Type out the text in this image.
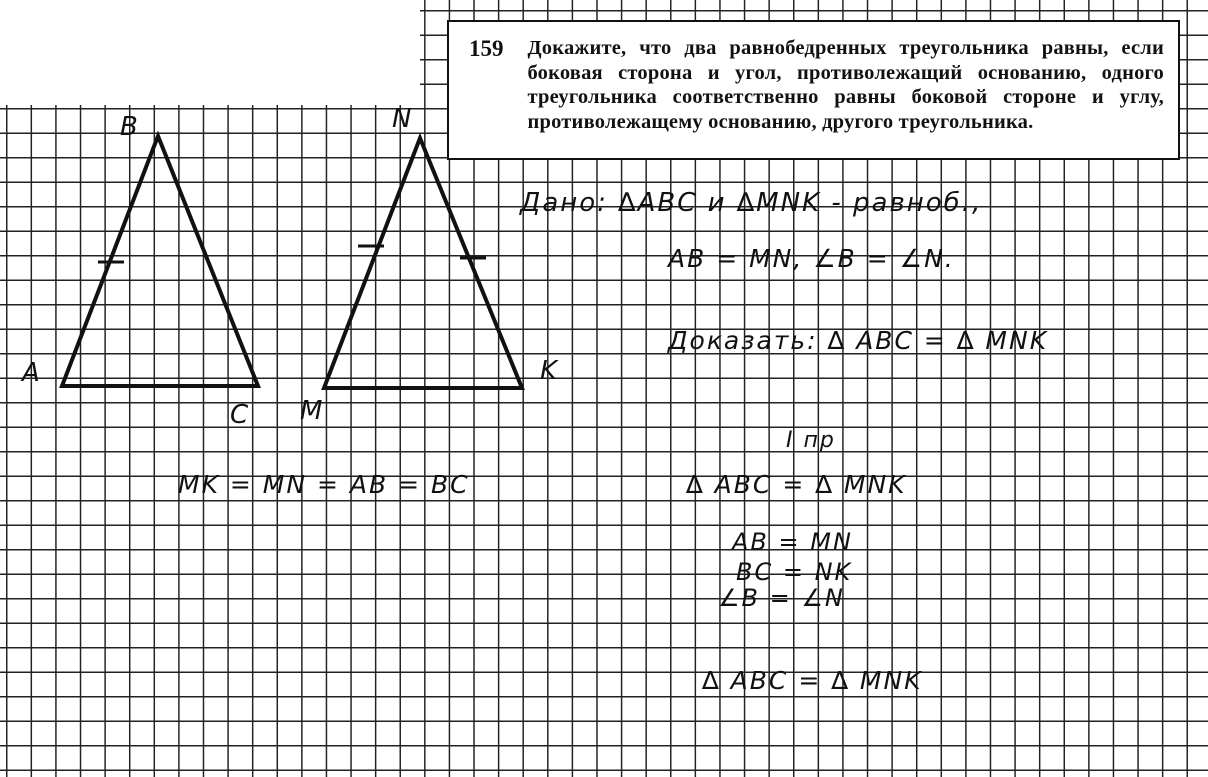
159 Докажите, что два равнобедренных треугольника равны, если боковая сторона и угол, противолежащий основанию, одного треугольника соответственно равны боковой стороне и углу, противолежащему основанию, другого треугольника.
B
A
C
N
M
K
Дано: ∆ABC и ∆MNK - равноб.,
AB = MN, ∠B = ∠N.
Доказать: ∆ ABC = ∆ MNK
MK = MN = AB = BC
I пр
∆ ABC = ∆ MNK
AB = MN
BC = NK
∠B = ∠N
∆ ABC = ∆ MNK
